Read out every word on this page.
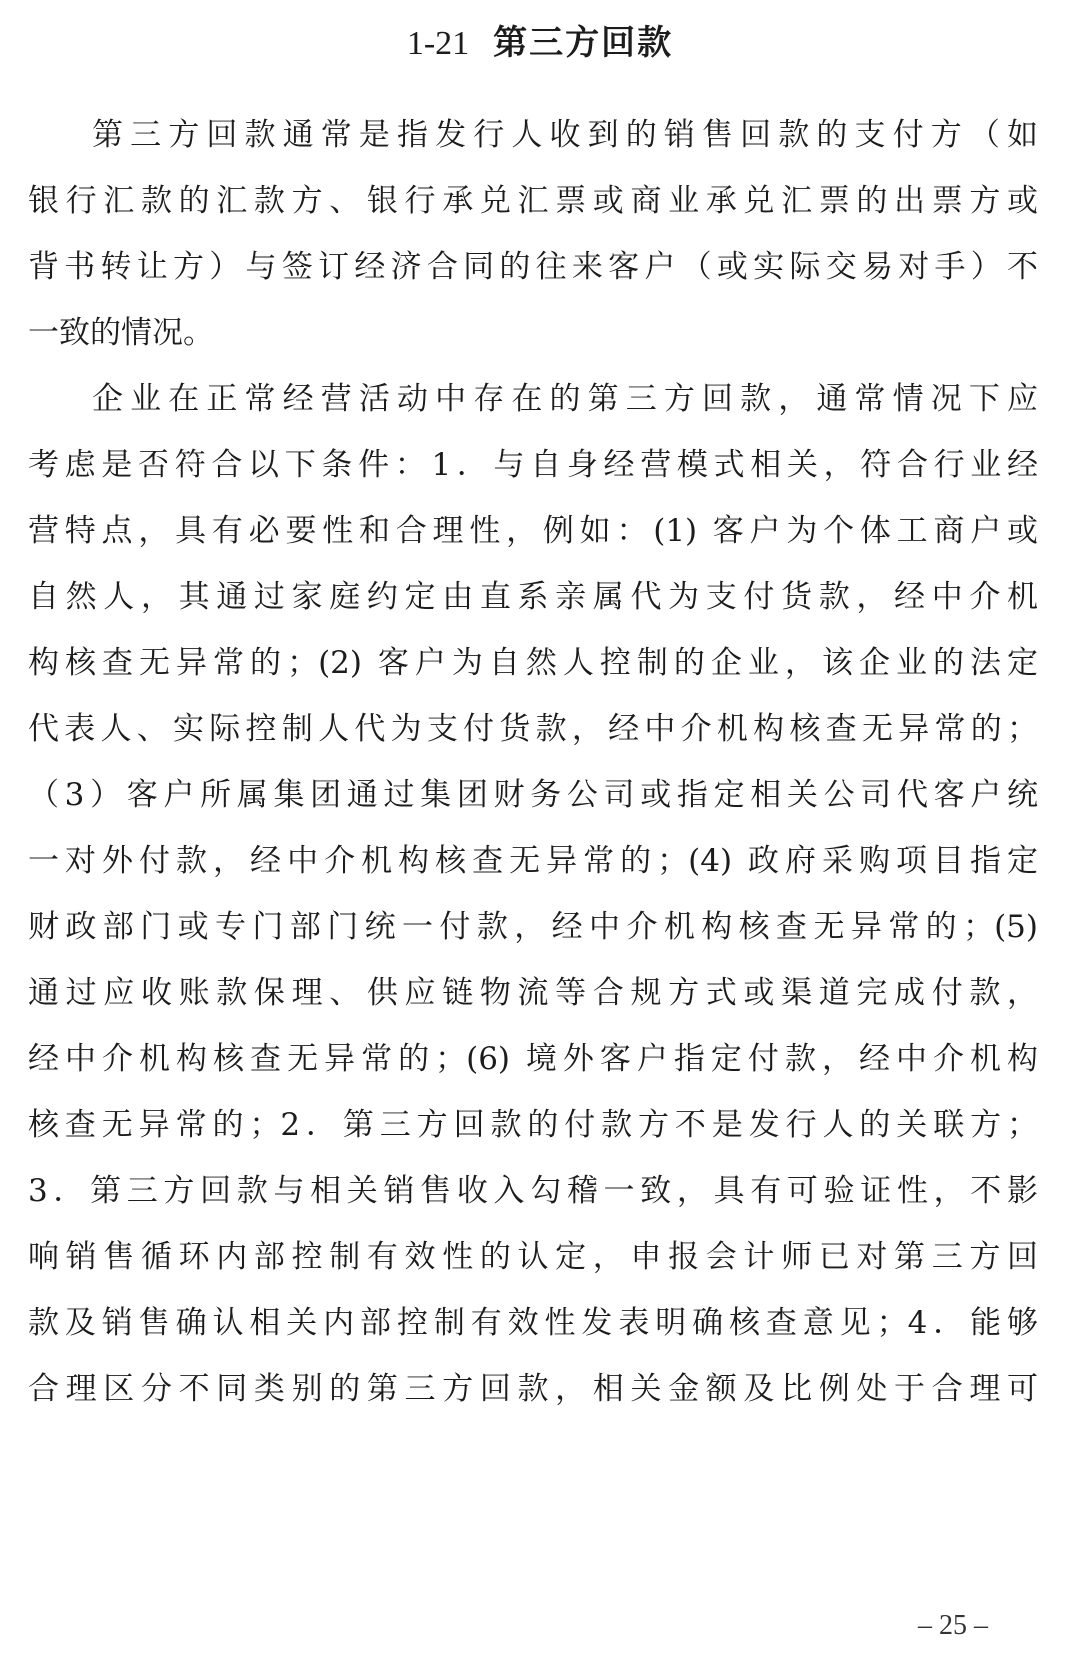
1-21 第三方回款
第三方回款通常是指发行人收到的销售回款的支付方（如
银行汇款的汇款方、银行承兑汇票或商业承兑汇票的出票方或
背书转让方）与签订经济合同的往来客户（或实际交易对手）不
一致的情况。
企业在正常经营活动中存在的第三方回款，通常情况下应
考虑是否符合以下条件：1．与自身经营模式相关，符合行业经
营特点，具有必要性和合理性，例如：(1) 客户为个体工商户或
自然人，其通过家庭约定由直系亲属代为支付货款，经中介机
构核查无异常的；(2) 客户为自然人控制的企业，该企业的法定
代表人、实际控制人代为支付货款，经中介机构核查无异常的；
（3）客户所属集团通过集团财务公司或指定相关公司代客户统
一对外付款，经中介机构核查无异常的；(4) 政府采购项目指定
财政部门或专门部门统一付款，经中介机构核查无异常的；(5)
通过应收账款保理、供应链物流等合规方式或渠道完成付款，
经中介机构核查无异常的；(6) 境外客户指定付款，经中介机构
核查无异常的；2．第三方回款的付款方不是发行人的关联方；
3．第三方回款与相关销售收入勾稽一致，具有可验证性，不影
响销售循环内部控制有效性的认定，申报会计师已对第三方回
款及销售确认相关内部控制有效性发表明确核查意见；4．能够
合理区分不同类别的第三方回款，相关金额及比例处于合理可
– 25 –
